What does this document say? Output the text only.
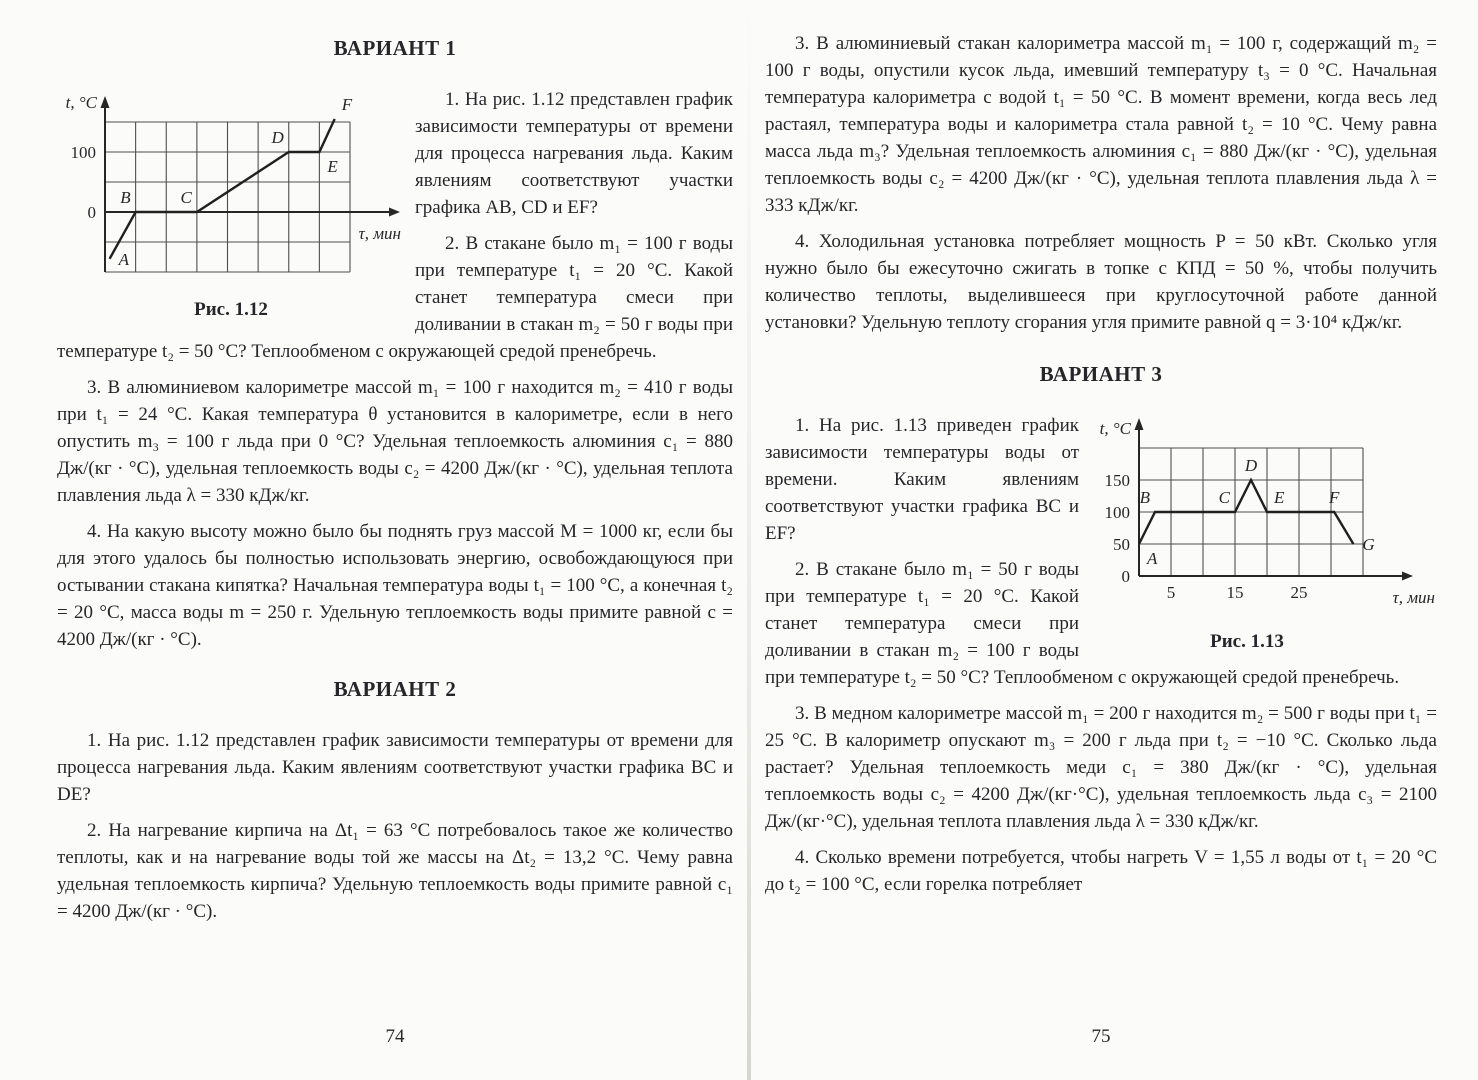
ВАРИАНТ 1
100
0
t, °C
τ, мин
A
B	C
D
E
F
Рис. 1.12

1. На рис. 1.12 представлен график зависимости температуры от времени для процесса нагревания льда. Каким явлениям соответствуют участки графика AB, CD и EF?

2. В стакане было m₁ = 100 г воды при температуре t₁ = 20 °C. Какой станет температура смеси при доливании в стакан m₂ = 50 г воды при температуре t₂ = 50 °C? Теплообменом с окружающей средой пренебречь.

3. В алюминиевом калориметре массой m₁ = 100 г находится m₂ = 410 г воды при t₁ = 24 °C. Какая температура θ установится в калориметре, если в него опустить m₃ = 100 г льда при 0 °C? Удельная теплоемкость алюминия c₁ = 880 Дж/(кг · °C), удельная теплоемкость воды c₂ = 4200 Дж/(кг · °C), удельная теплота плавления льда λ = 330 кДж/кг.

4. На какую высоту можно было бы поднять груз массой M = 1000 кг, если бы для этого удалось бы полностью использовать энергию, освобождающуюся при остывании стакана кипятка? Начальная температура воды t₁ = 100 °C, а конечная t₂ = 20 °C, масса воды m = 250 г. Удельную теплоемкость воды примите равной c = 4200 Дж/(кг · °C).

ВАРИАНТ 2

1. На рис. 1.12 представлен график зависимости температуры от времени для процесса нагревания льда. Каким явлениям соответствуют участки графика BC и DE?

2. На нагревание кирпича на Δt₁ = 63 °C потребовалось такое же количество теплоты, как и на нагревание воды той же массы на Δt₂ = 13,2 °C. Чему равна удельная теплоемкость кирпича? Удельную теплоемкость воды примите равной c₁ = 4200 Дж/(кг · °C).

3. В алюминиевый стакан калориметра массой m₁ = 100 г, содержащий m₂ = 100 г воды, опустили кусок льда, имевший температуру t₃ = 0 °C. Начальная температура калориметра с водой t₁ = 50 °C. В момент времени, когда весь лед растаял, температура воды и калориметра стала равной t₂ = 10 °C. Чему равна масса льда m₃? Удельная теплоемкость алюминия c₁ = 880 Дж/(кг · °C), удельная теплоемкость воды c₂ = 4200 Дж/(кг · °C), удельная теплота плавления льда λ = 333 кДж/кг.

4. Холодильная установка потребляет мощность P = 50 кВт. Сколько угля нужно было бы ежесуточно сжигать в топке с КПД = 50 %, чтобы получить количество теплоты, выделившееся при круглосуточной работе данной установки? Удельную теплоту сгорания угля примите равной q = 3·10⁴ кДж/кг.

ВАРИАНТ 3
150
100
50
0
5	15	25
t, °C
τ, мин
A
B	C
D
E	F
G
Рис. 1.13

1. На рис. 1.13 приведен график зависимости температуры воды от времени. Каким явлениям соответствуют участки графика BC и EF?

2. В стакане было m₁ = 50 г воды при температуре t₁ = 20 °C. Какой станет температура смеси при доливании в стакан m₂ = 100 г воды при температуре t₂ = 50 °C? Теплообменом с окружающей средой пренебречь.

3. В медном калориметре массой m₁ = 200 г находится m₂ = 500 г воды при t₁ = 25 °C. В калориметр опускают m₃ = 200 г льда при t₂ = −10 °C. Сколько льда растает? Удельная теплоемкость меди c₁ = 380 Дж/(кг · °C), удельная теплоемкость воды c₂ = 4200 Дж/(кг·°C), удельная теплоемкость льда c₃ = 2100 Дж/(кг·°C), удельная теплота плавления льда λ = 330 кДж/кг.

4. Сколько времени потребуется, чтобы нагреть V = 1,55 л воды от t₁ = 20 °C до t₂ = 100 °C, если горелка потребляет

74	75
